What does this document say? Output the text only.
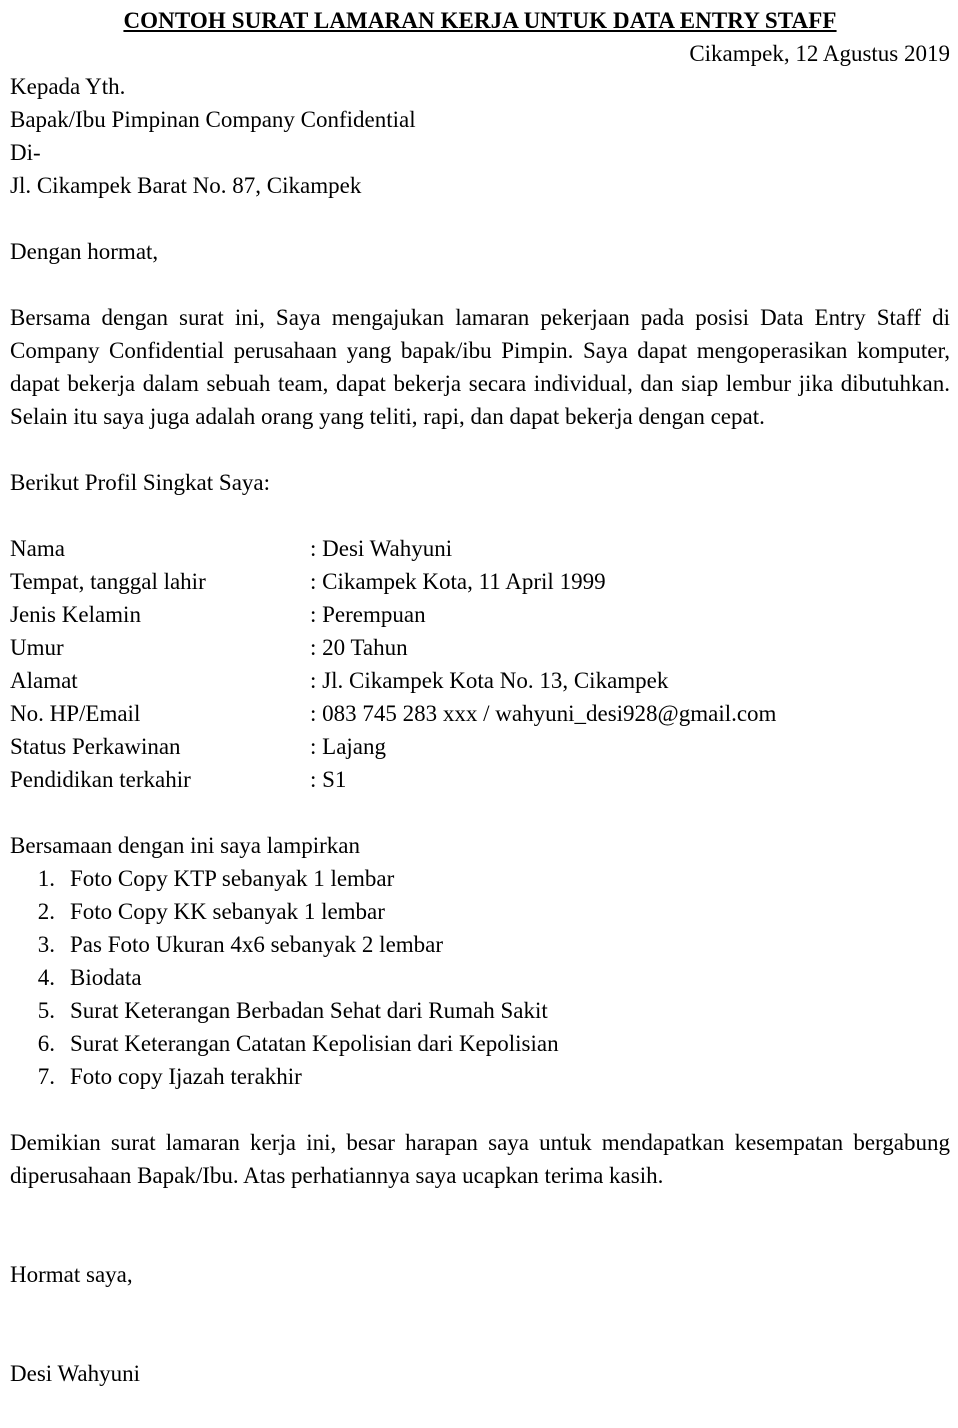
CONTOH SURAT LAMARAN KERJA UNTUK DATA ENTRY STAFF
Cikampek, 12 Agustus 2019
Kepada Yth.
Bapak/Ibu Pimpinan Company Confidential
Di-
Jl. Cikampek Barat No. 87, Cikampek
Dengan hormat,
Bersama dengan surat ini, Saya mengajukan lamaran pekerjaan pada posisi Data Entry Staff di Company Confidential perusahaan yang bapak/ibu Pimpin. Saya dapat mengoperasikan komputer, dapat bekerja dalam sebuah team, dapat bekerja secara individual, dan siap lembur jika dibutuhkan. Selain itu saya juga adalah orang yang teliti, rapi, dan dapat bekerja dengan cepat.
Berikut Profil Singkat Saya:
Nama	: Desi Wahyuni
Tempat, tanggal lahir	: Cikampek Kota, 11 April 1999
Jenis Kelamin	: Perempuan
Umur	: 20 Tahun
Alamat	: Jl. Cikampek Kota No. 13, Cikampek
No. HP/Email	: 083 745 283 xxx / wahyuni_desi928@gmail.com
Status Perkawinan	: Lajang
Pendidikan terkahir	: S1
Bersamaan dengan ini saya lampirkan
1. Foto Copy KTP sebanyak 1 lembar
2. Foto Copy KK sebanyak 1 lembar
3. Pas Foto Ukuran 4x6 sebanyak 2 lembar
4. Biodata
5. Surat Keterangan Berbadan Sehat dari Rumah Sakit
6. Surat Keterangan Catatan Kepolisian dari Kepolisian
7. Foto copy Ijazah terakhir
Demikian surat lamaran kerja ini, besar harapan saya untuk mendapatkan kesempatan bergabung diperusahaan Bapak/Ibu. Atas perhatiannya saya ucapkan terima kasih.
Hormat saya,
Desi Wahyuni
